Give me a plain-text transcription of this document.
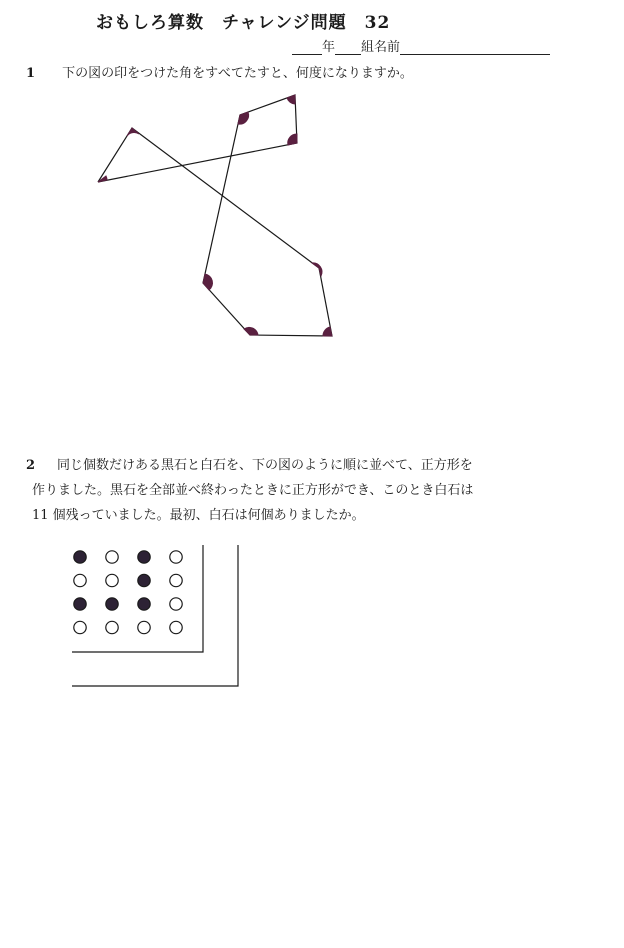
おもしろ算数　チャレンジ問題 32
年 組名前
1 下の図の印をつけた角をすべてたすと、何度になりますか。
2 同じ個数だけある黒石と白石を、下の図のように順に並べて、正方形を
作りました。黒石を全部並べ終わったときに正方形ができ、このとき白石は
11 個残っていました。最初、白石は何個ありましたか。
